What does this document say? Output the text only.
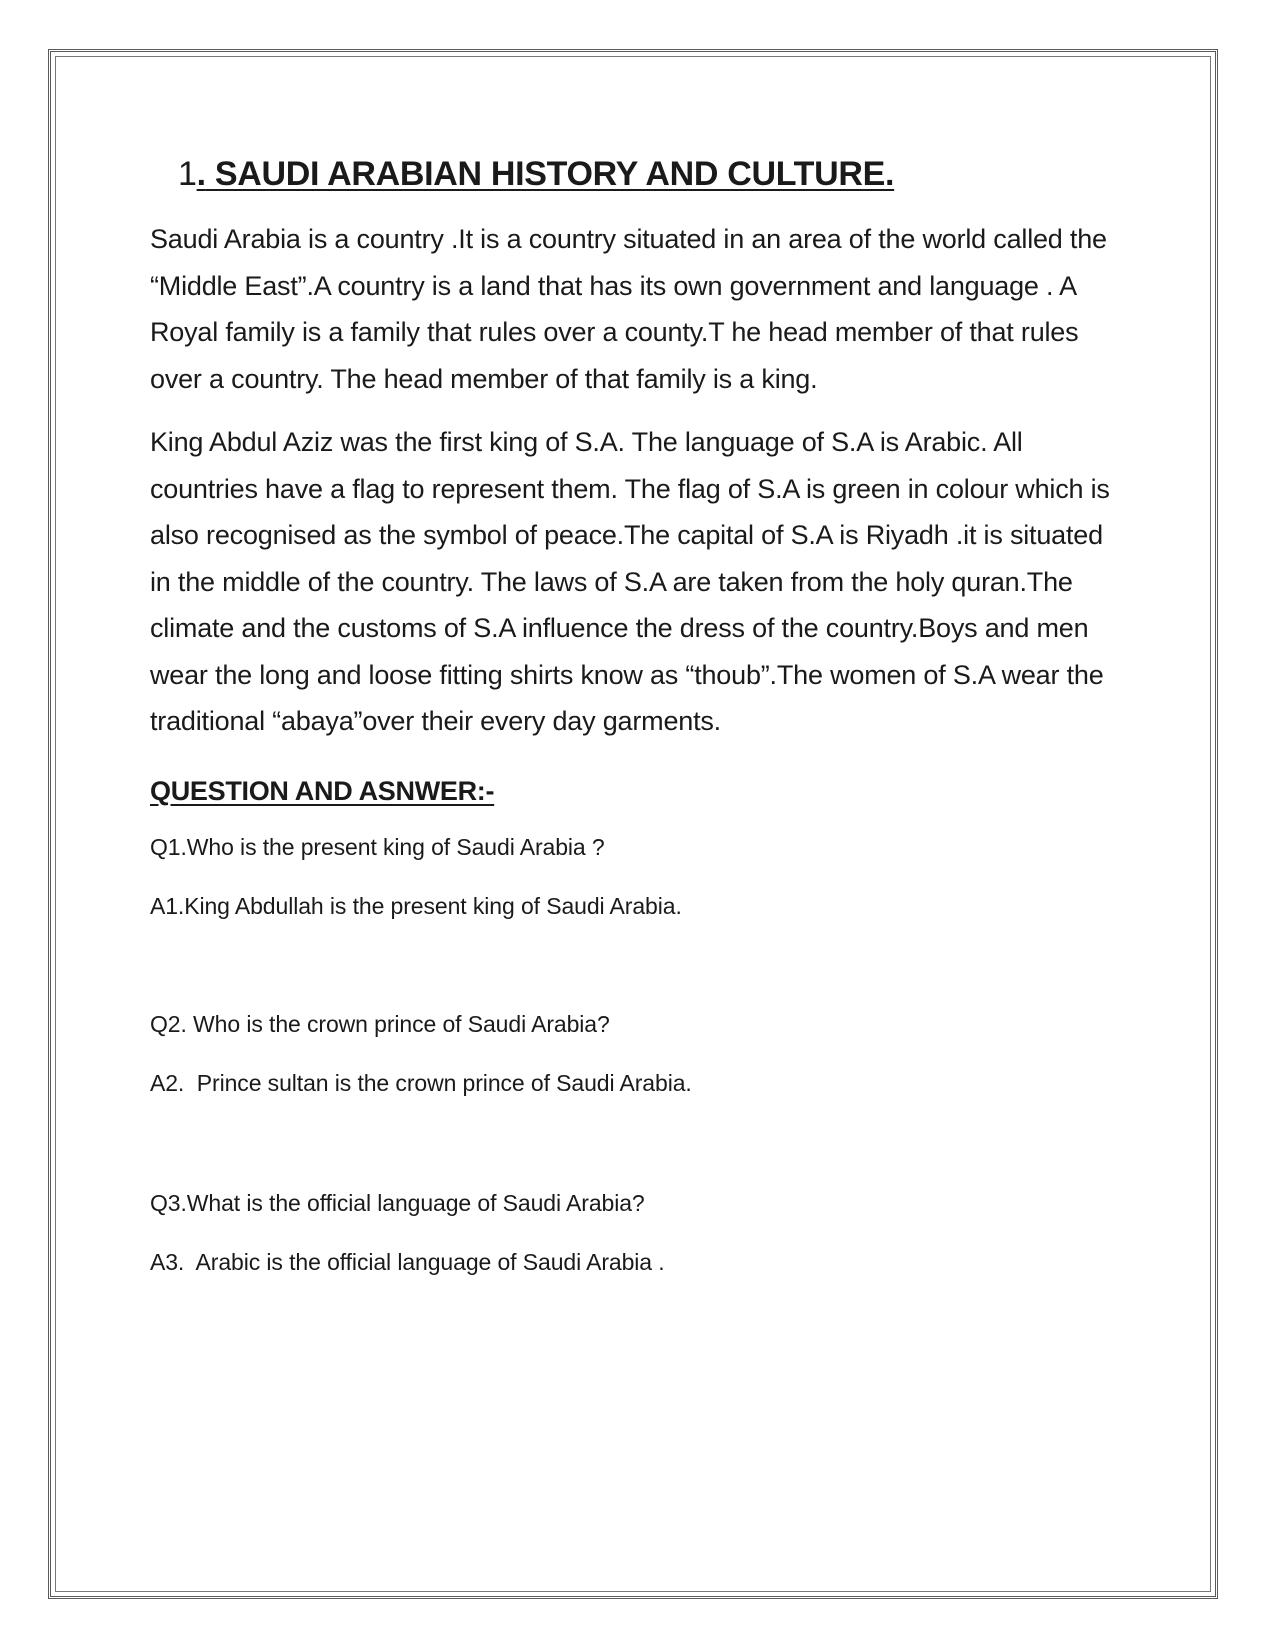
1. SAUDI ARABIAN HISTORY AND CULTURE.

Saudi Arabia is a country .It is a country situated in an area of the world called the “Middle East”.A country is a land that has its own government and language . A Royal family is a family that rules over a county.T he head member of that rules over a country. The head member of that family is a king.

King Abdul Aziz was the first king of S.A. The language of S.A is Arabic. All countries have a flag to represent them. The flag of S.A is green in colour which is also recognised as the symbol of peace.The capital of S.A is Riyadh .it is situated in the middle of the country. The laws of S.A are taken from the holy quran.The climate and the customs of S.A influence the dress of the country.Boys and men wear the long and loose fitting shirts know as “thoub”.The women of S.A wear the traditional “abaya”over their every day garments.

QUESTION AND ASNWER:-
Q1.Who is the present king of Saudi Arabia ?
A1.King Abdullah is the present king of Saudi Arabia.
Q2. Who is the crown prince of Saudi Arabia?
A2.  Prince sultan is the crown prince of Saudi Arabia.
Q3.What is the official language of Saudi Arabia?
A3.  Arabic is the official language of Saudi Arabia .
